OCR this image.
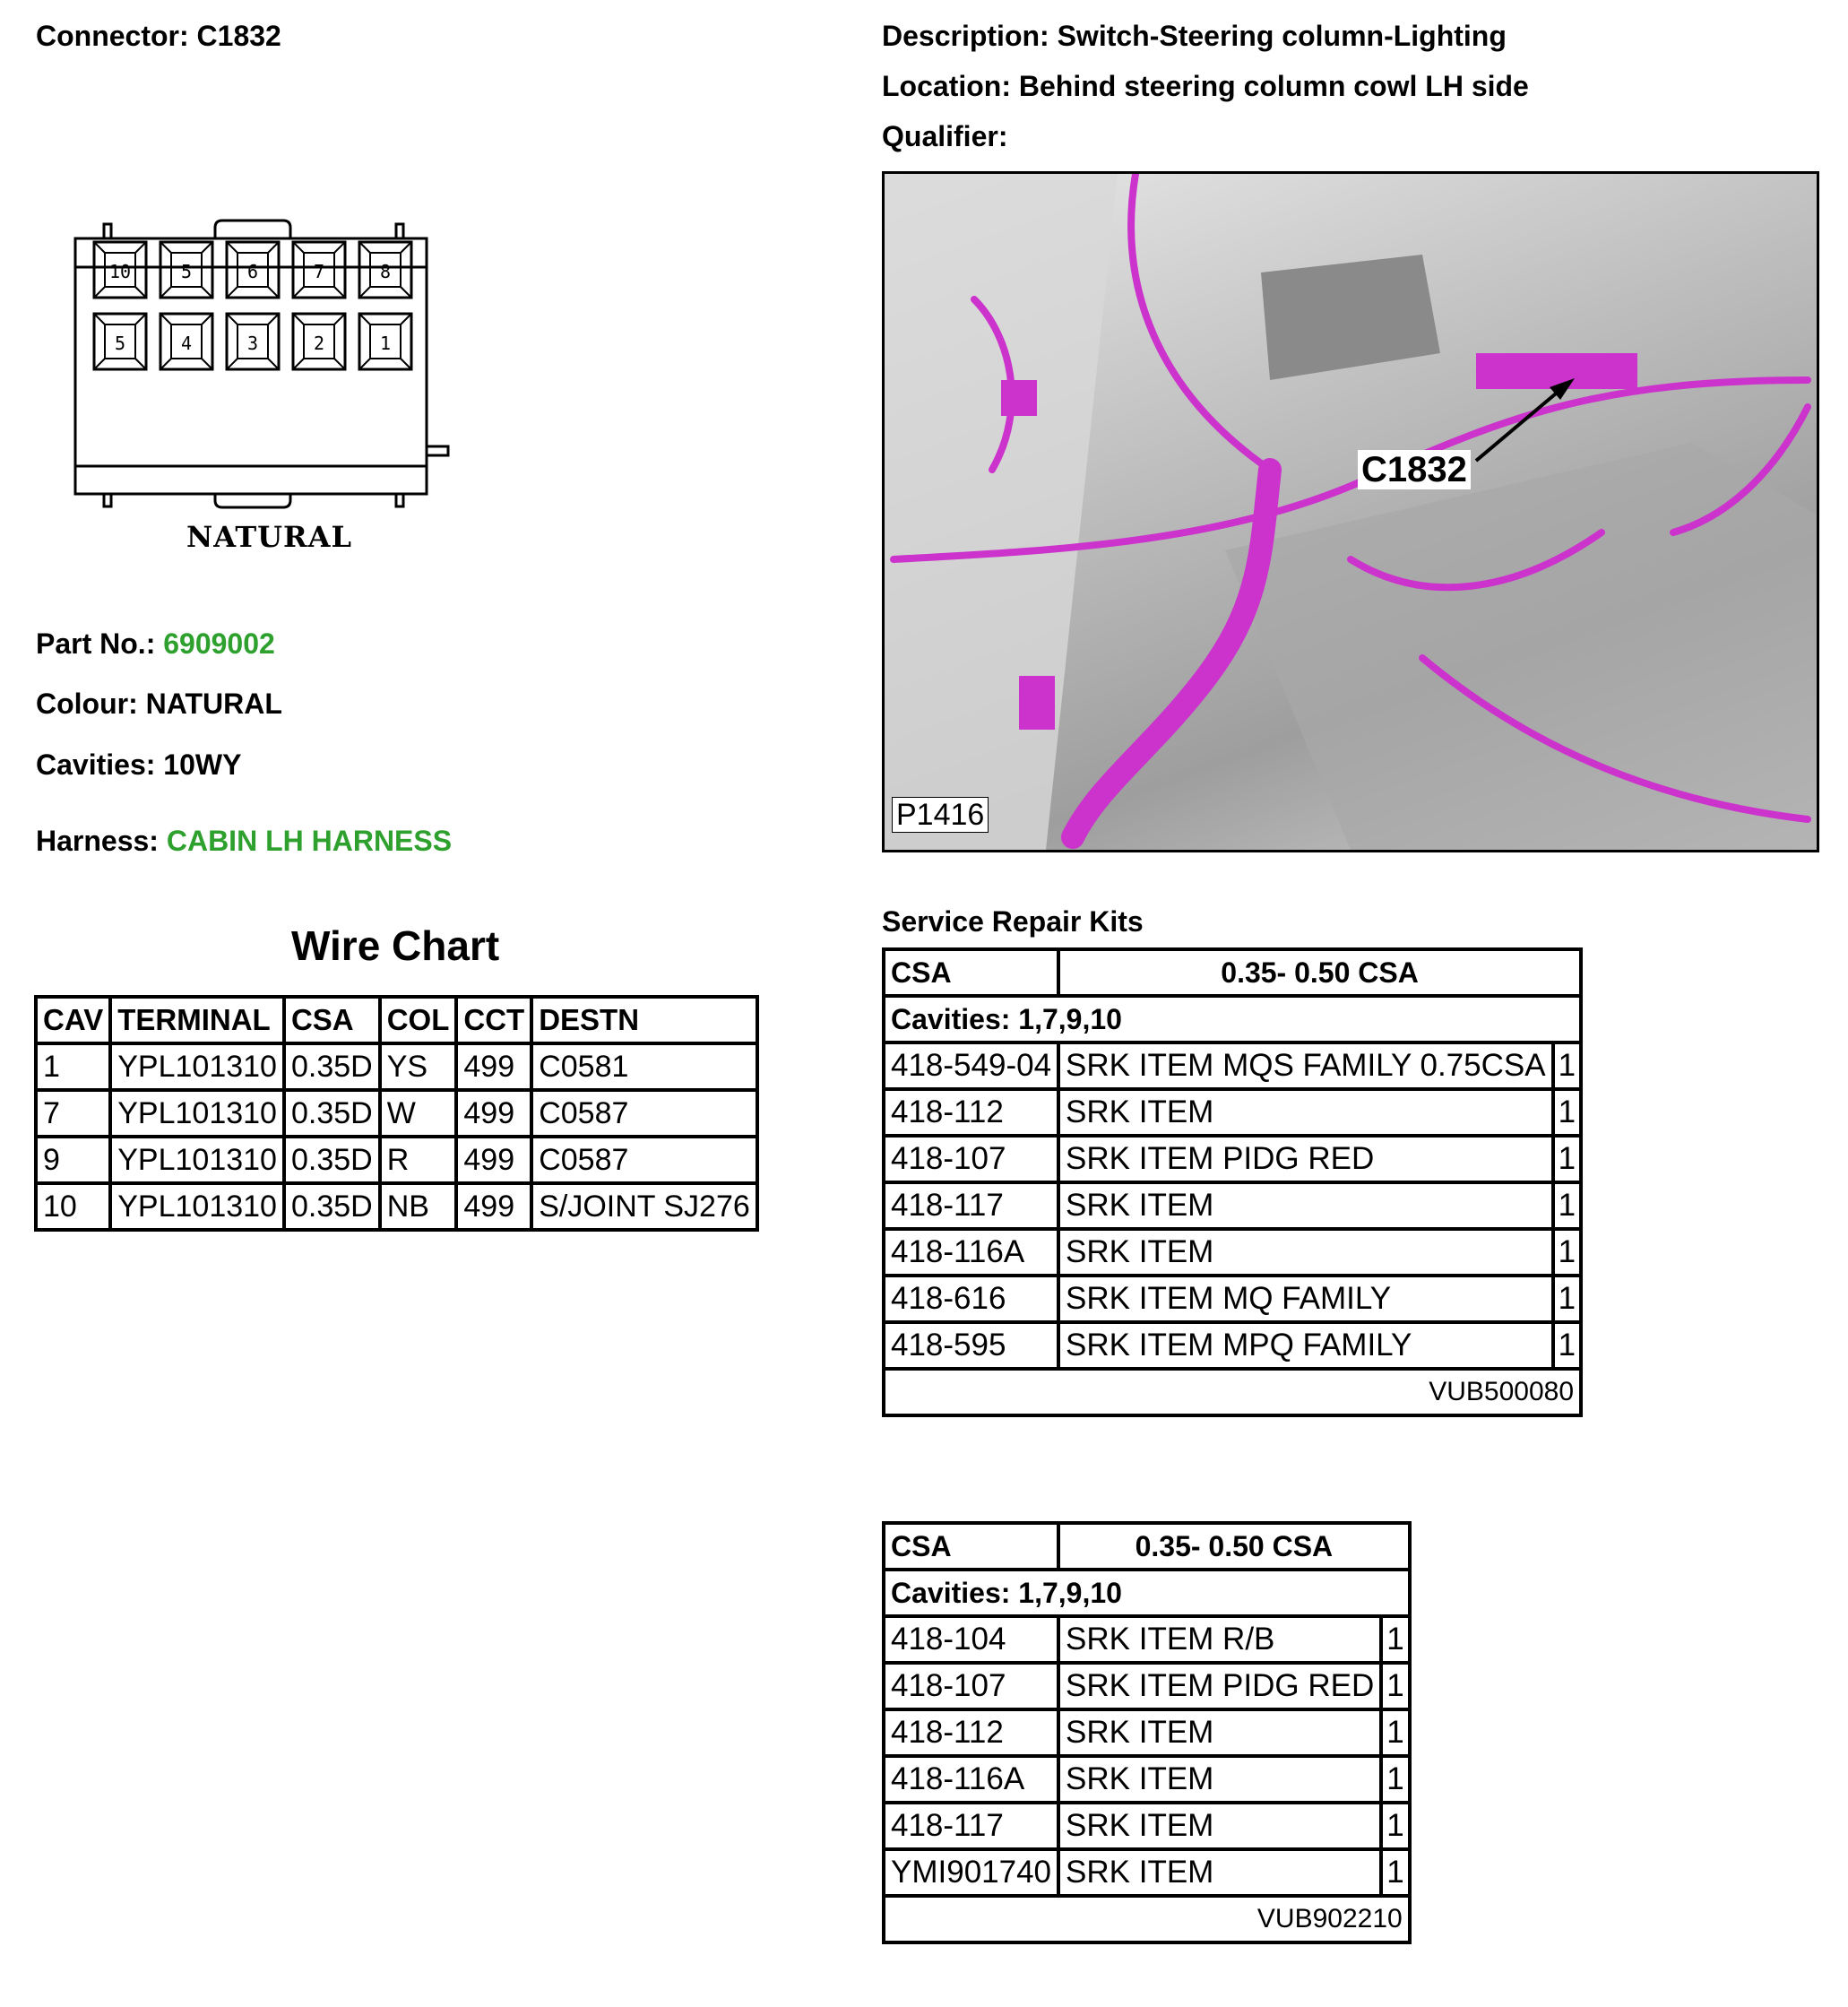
Connector: C1832	Description: Switch-Steering column-Lighting
Location: Behind steering column cowl LH side
Qualifier:
10	5	6	7	8
5	4	3	2	1
NATURAL
Part No.: 6909002
Colour: NATURAL
Cavities: 10WY
Harness: CABIN LH HARNESS
C1832
P1416
Wire Chart
CAV	TERMINAL	CSA	COL	CCT	DESTN
1	YPL101310	0.35D	YS	499	C0581
7	YPL101310	0.35D	W	499	C0587
9	YPL101310	0.35D	R	499	C0587
10	YPL101310	0.35D	NB	499	S/JOINT SJ276
Service Repair Kits
CSA	0.35- 0.50 CSA	
Cavities: 1,7,9,10		
418-549-04	SRK ITEM MQS FAMILY 0.75CSA	1
418-112	SRK ITEM	1
418-107	SRK ITEM PIDG RED	1
418-117	SRK ITEM	1
418-116A	SRK ITEM	1
418-616	SRK ITEM MQ FAMILY	1
418-595	SRK ITEM MPQ FAMILY	1
VUB500080		
CSA	0.35- 0.50 CSA	
Cavities: 1,7,9,10		
418-104	SRK ITEM R/B	1
418-107	SRK ITEM PIDG RED	1
418-112	SRK ITEM	1
418-116A	SRK ITEM	1
418-117	SRK ITEM	1
YMI901740	SRK ITEM	1
VUB902210		
